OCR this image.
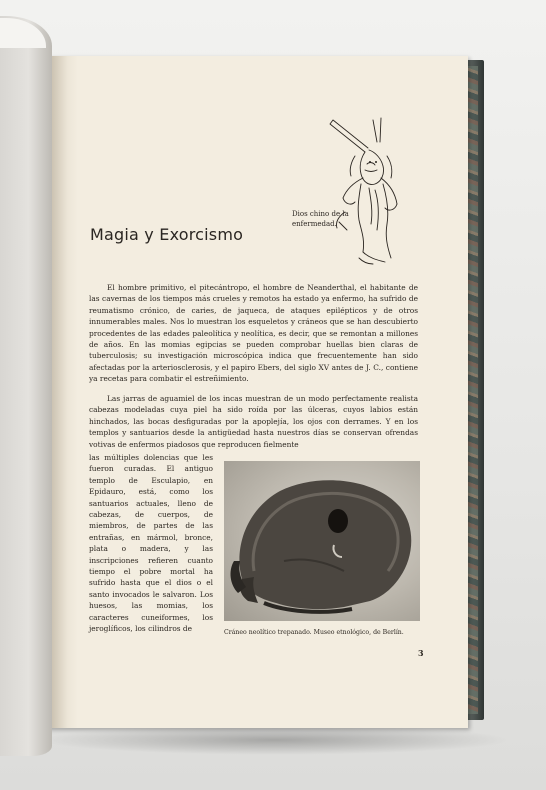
Dios chino de la enfermedad.
Magia y Exorcismo

El hombre primitivo, el pitecántropo, el hombre de Neanderthal, el habitante de las cavernas de los tiempos más crueles y remotos ha estado ya enfermo, ha sufrido de reumatismo crónico, de caries, de jaqueca, de ataques epilépticos y de otros innumerables males. Nos lo muestran los esqueletos y cráneos que se han descubierto procedentes de las edades paleolítica y neolítica, es decir, que se remontan a millones de años. En las momias egipcias se pueden comprobar huellas bien claras de tuberculosis; su investigación microscópica indica que frecuentemente han sido afectadas por la arteriosclerosis, y el papiro Ebers, del siglo XV antes de J. C., contiene ya recetas para combatir el estreñimiento.

Las jarras de aguamiel de los incas muestran de un modo perfectamente realista cabezas modeladas cuya piel ha sido roída por las úlceras, cuyos labios están hinchados, las bocas desfiguradas por la apoplejía, los ojos con derrames. Y en los templos y santuarios desde la antigüedad hasta nuestros días se conservan ofrendas votivas de enfermos piadosos que reproducen fielmente

las múltiples dolencias que les fueron curadas. El antiguo templo de Esculapio, en Epidauro, está, como los santuarios actuales, lleno de cabezas, de cuerpos, de miembros, de partes de las entrañas, en mármol, bronce, plata o madera, y las inscripciones refieren cuanto tiempo el pobre mortal ha sufrido hasta que el dios o el santo invocados le salvaron. Los huesos, las momias, los caracteres cuneiformes, los jeroglíficos, los cilindros de	Cráneo neolítico trepanado. Museo etnológico, de Berlín.
3
